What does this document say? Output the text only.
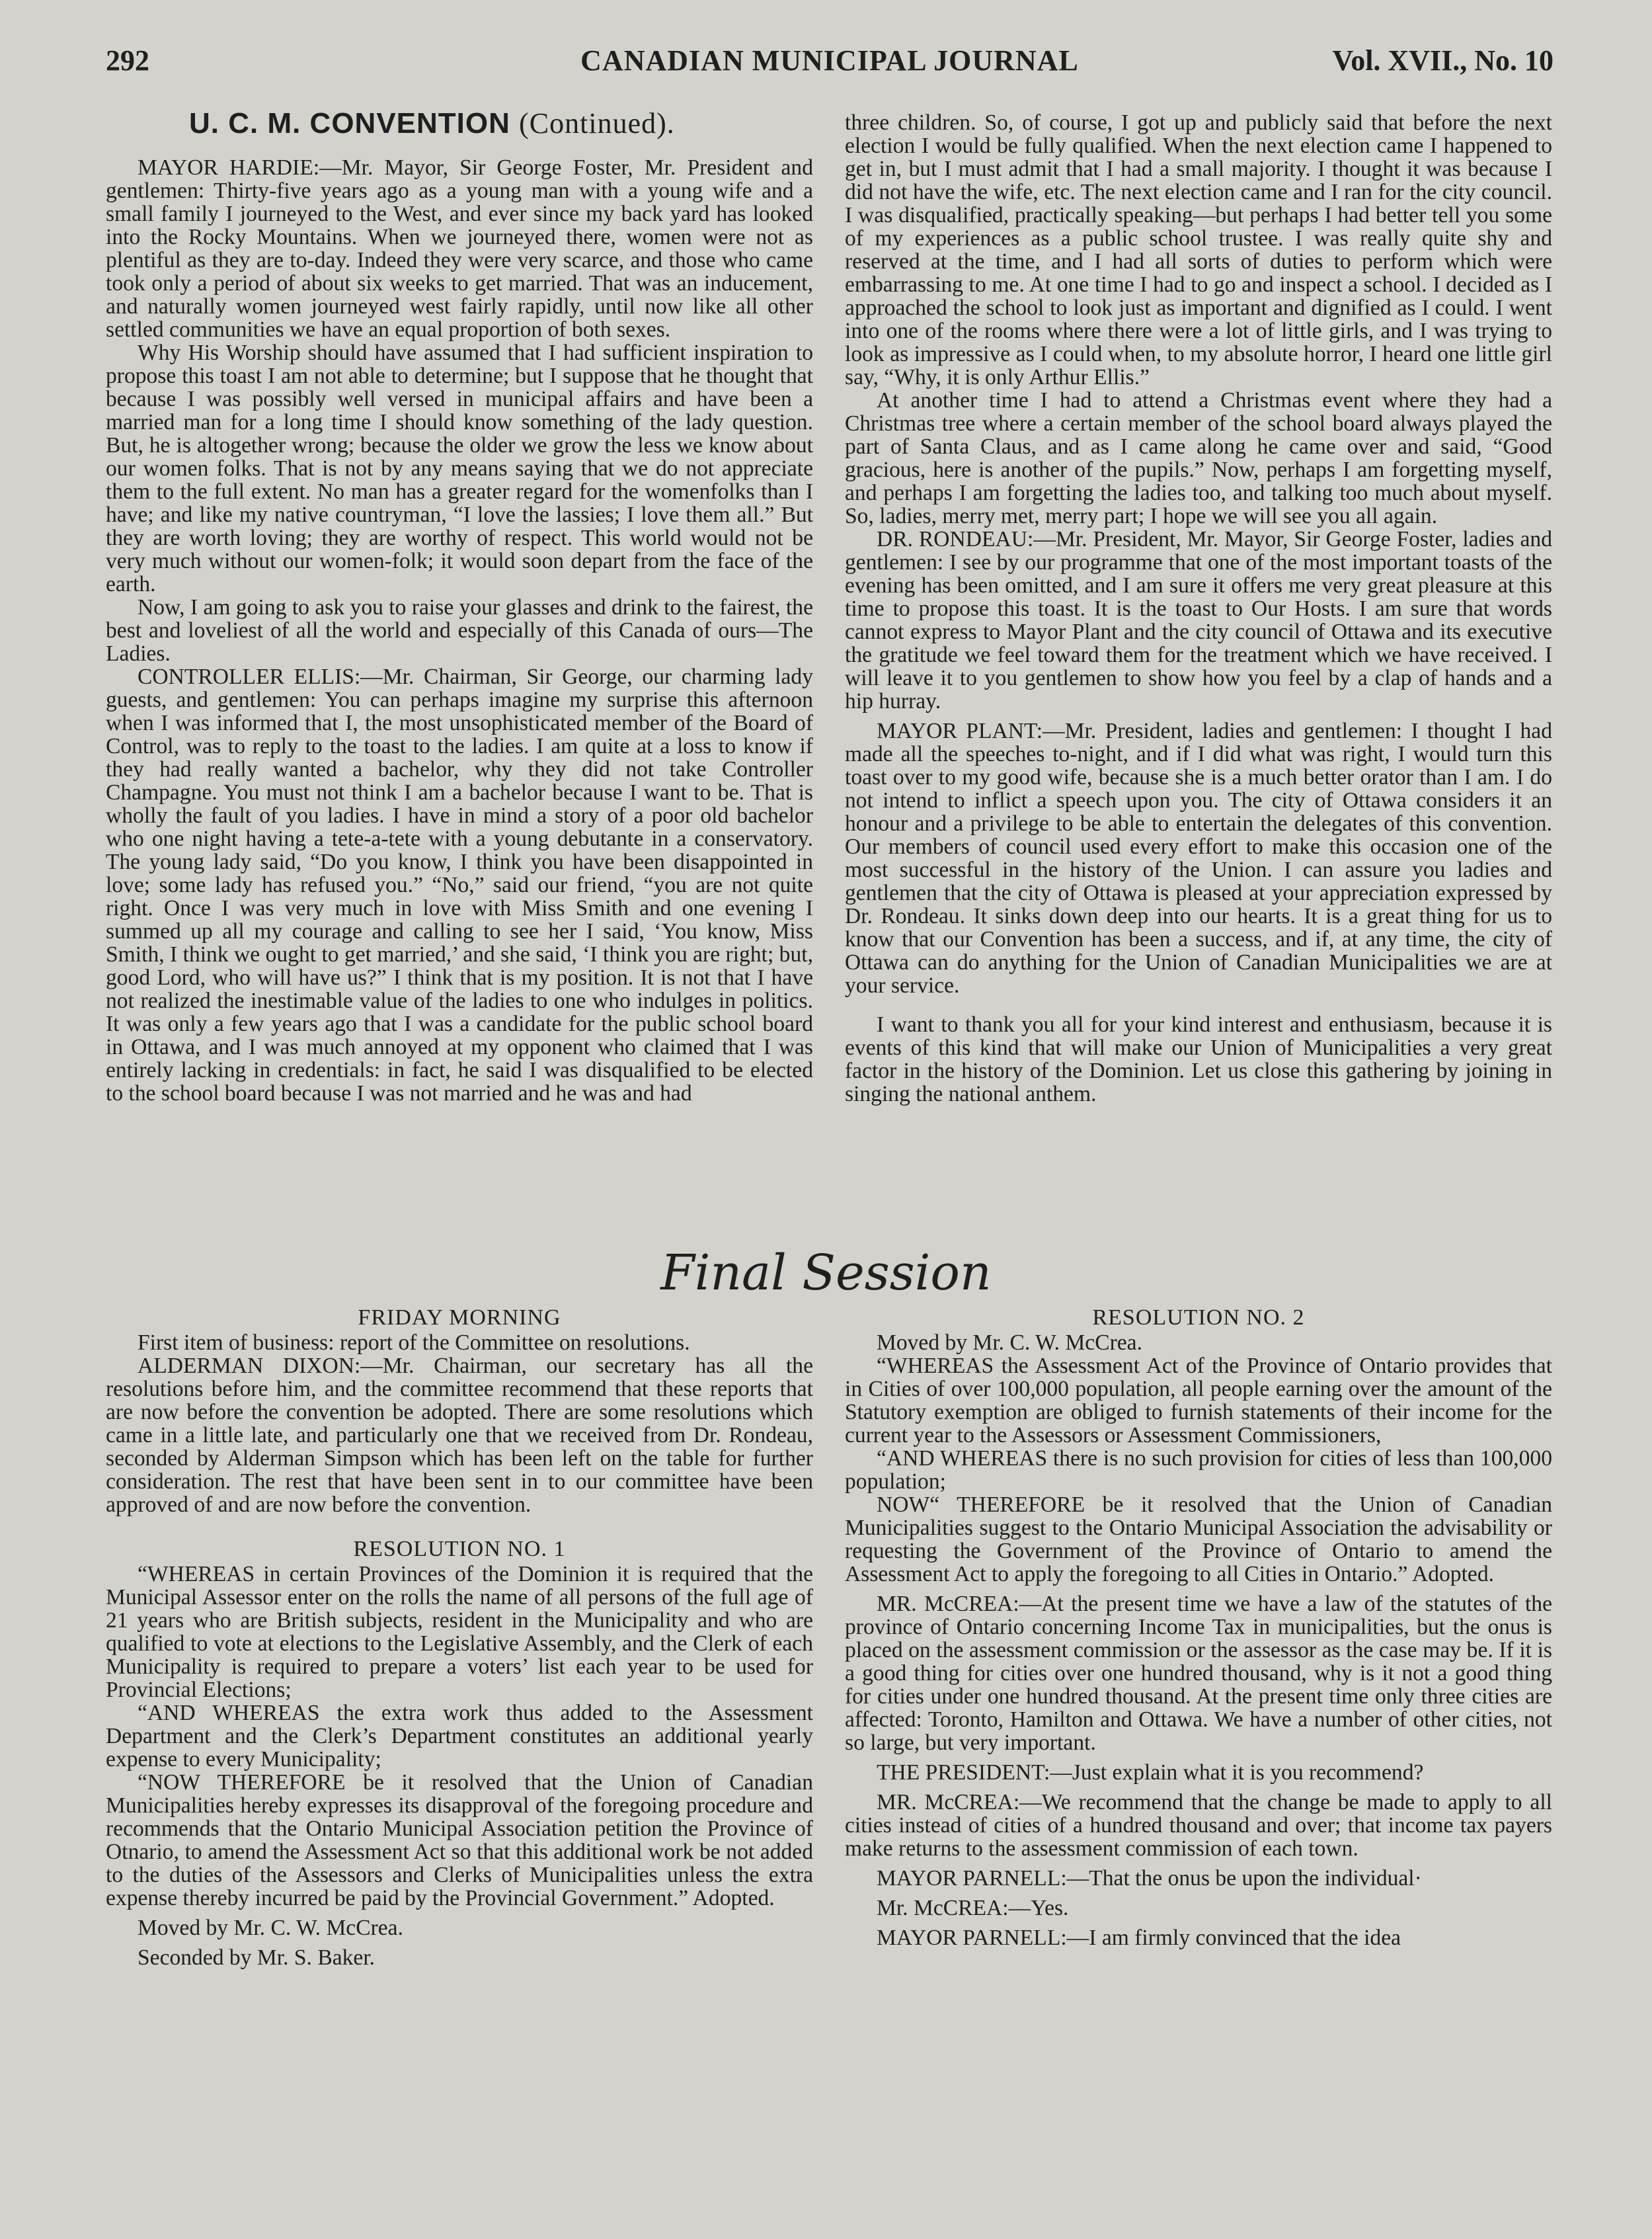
292	CANADIAN MUNICIPAL JOURNAL	Vol. XVII., No. 10
U. C. M. CONVENTION (Continued).

MAYOR HARDIE:—Mr. Mayor, Sir George Foster, Mr. President and gentlemen: Thirty-five years ago as a young man with a young wife and a small family I journeyed to the West, and ever since my back yard has looked into the Rocky Mountains. When we journeyed there, women were not as plentiful as they are to-day. Indeed they were very scarce, and those who came took only a period of about six weeks to get married. That was an inducement, and naturally women journeyed west fairly rapidly, until now like all other settled communities we have an equal proportion of both sexes.

Why His Worship should have assumed that I had sufficient inspiration to propose this toast I am not able to determine; but I suppose that he thought that because I was possibly well versed in municipal affairs and have been a married man for a long time I should know something of the lady question. But, he is altogether wrong; because the older we grow the less we know about our women folks. That is not by any means saying that we do not appreciate them to the full extent. No man has a greater regard for the womenfolks than I have; and like my native countryman, “I love the lassies; I love them all.” But they are worth loving; they are worthy of respect. This world would not be very much without our women-folk; it would soon depart from the face of the earth.

Now, I am going to ask you to raise your glasses and drink to the fairest, the best and loveliest of all the world and especially of this Canada of ours—The Ladies.

CONTROLLER ELLIS:—Mr. Chairman, Sir George, our charming lady guests, and gentlemen: You can perhaps imagine my surprise this afternoon when I was informed that I, the most unsophisticated member of the Board of Control, was to reply to the toast to the ladies. I am quite at a loss to know if they had really wanted a bachelor, why they did not take Controller Champagne. You must not think I am a bachelor because I want to be. That is wholly the fault of you ladies. I have in mind a story of a poor old bachelor who one night having a tete-a-tete with a young debutante in a conservatory. The young lady said, “Do you know, I think you have been disappointed in love; some lady has refused you.” “No,” said our friend, “you are not quite right. Once I was very much in love with Miss Smith and one evening I summed up all my courage and calling to see her I said, ‘You know, Miss Smith, I think we ought to get married,’ and she said, ‘I think you are right; but, good Lord, who will have us?” I think that is my position. It is not that I have not realized the inestimable value of the ladies to one who indulges in politics. It was only a few years ago that I was a candidate for the public school board in Ottawa, and I was much annoyed at my opponent who claimed that I was entirely lacking in credentials: in fact, he said I was disqualified to be elected to the school board because I was not married and he was and had

three children. So, of course, I got up and publicly said that before the next election I would be fully qualified. When the next election came I happened to get in, but I must admit that I had a small majority. I thought it was because I did not have the wife, etc. The next election came and I ran for the city council. I was disqualified, practically speaking—but perhaps I had better tell you some of my experiences as a public school trustee. I was really quite shy and reserved at the time, and I had all sorts of duties to perform which were embarrassing to me. At one time I had to go and inspect a school. I decided as I approached the school to look just as important and dignified as I could. I went into one of the rooms where there were a lot of little girls, and I was trying to look as impressive as I could when, to my absolute horror, I heard one little girl say, “Why, it is only Arthur Ellis.”

At another time I had to attend a Christmas event where they had a Christmas tree where a certain member of the school board always played the part of Santa Claus, and as I came along he came over and said, “Good gracious, here is another of the pupils.” Now, perhaps I am forgetting myself, and perhaps I am forgetting the ladies too, and talking too much about myself. So, ladies, merry met, merry part; I hope we will see you all again.

DR. RONDEAU:—Mr. President, Mr. Mayor, Sir George Foster, ladies and gentlemen: I see by our programme that one of the most important toasts of the evening has been omitted, and I am sure it offers me very great pleasure at this time to propose this toast. It is the toast to Our Hosts. I am sure that words cannot express to Mayor Plant and the city council of Ottawa and its executive the gratitude we feel toward them for the treatment which we have received. I will leave it to you gentlemen to show how you feel by a clap of hands and a hip hurray.

MAYOR PLANT:—Mr. President, ladies and gentlemen: I thought I had made all the speeches to-night, and if I did what was right, I would turn this toast over to my good wife, because she is a much better orator than I am. I do not intend to inflict a speech upon you. The city of Ottawa considers it an honour and a privilege to be able to entertain the delegates of this convention. Our members of council used every effort to make this occasion one of the most successful in the history of the Union. I can assure you ladies and gentlemen that the city of Ottawa is pleased at your appreciation expressed by Dr. Rondeau. It sinks down deep into our hearts. It is a great thing for us to know that our Convention has been a success, and if, at any time, the city of Ottawa can do anything for the Union of Canadian Municipalities we are at your service.

I want to thank you all for your kind interest and enthusiasm, because it is events of this kind that will make our Union of Municipalities a very great factor in the history of the Dominion. Let us close this gathering by joining in singing the national anthem.

Final Session

FRIDAY MORNING

First item of business: report of the Committee on resolutions.

ALDERMAN DIXON:—Mr. Chairman, our secretary has all the resolutions before him, and the committee recommend that these reports that are now before the convention be adopted. There are some resolutions which came in a little late, and particularly one that we received from Dr. Rondeau, seconded by Alderman Simpson which has been left on the table for further consideration. The rest that have been sent in to our committee have been approved of and are now before the convention.

RESOLUTION NO. 1

“WHEREAS in certain Provinces of the Dominion it is required that the Municipal Assessor enter on the rolls the name of all persons of the full age of 21 years who are British subjects, resident in the Municipality and who are qualified to vote at elections to the Legislative Assembly, and the Clerk of each Municipality is required to prepare a voters’ list each year to be used for Provincial Elections;

“AND WHEREAS the extra work thus added to the Assessment Department and the Clerk’s Department constitutes an additional yearly expense to every Municipality;

“NOW THEREFORE be it resolved that the Union of Canadian Municipalities hereby expresses its disapproval of the foregoing procedure and recommends that the Ontario Municipal Association petition the Province of Otnario, to amend the Assessment Act so that this additional work be not added to the duties of the Assessors and Clerks of Municipalities unless the extra expense thereby incurred be paid by the Provincial Government.” Adopted.

Moved by Mr. C. W. McCrea.

Seconded by Mr. S. Baker.

RESOLUTION NO. 2

Moved by Mr. C. W. McCrea.

“WHEREAS the Assessment Act of the Province of Ontario provides that in Cities of over 100,000 population, all people earning over the amount of the Statutory exemption are obliged to furnish statements of their income for the current year to the Assessors or Assessment Commissioners,

“AND WHEREAS there is no such provision for cities of less than 100,000 population;

NOW“ THEREFORE be it resolved that the Union of Canadian Municipalities suggest to the Ontario Municipal Association the advisability or requesting the Government of the Province of Ontario to amend the Assessment Act to apply the foregoing to all Cities in Ontario.” Adopted.

MR. McCREA:—At the present time we have a law of the statutes of the province of Ontario concerning Income Tax in municipalities, but the onus is placed on the assessment commission or the assessor as the case may be. If it is a good thing for cities over one hundred thousand, why is it not a good thing for cities under one hundred thousand. At the present time only three cities are affected: Toronto, Hamilton and Ottawa. We have a number of other cities, not so large, but very important.

THE PRESIDENT:—Just explain what it is you recommend?

MR. McCREA:—We recommend that the change be made to apply to all cities instead of cities of a hundred thousand and over; that income tax payers make returns to the assessment commission of each town.

MAYOR PARNELL:—That the onus be upon the individual·

Mr. McCREA:—Yes.

MAYOR PARNELL:—I am firmly convinced that the idea
